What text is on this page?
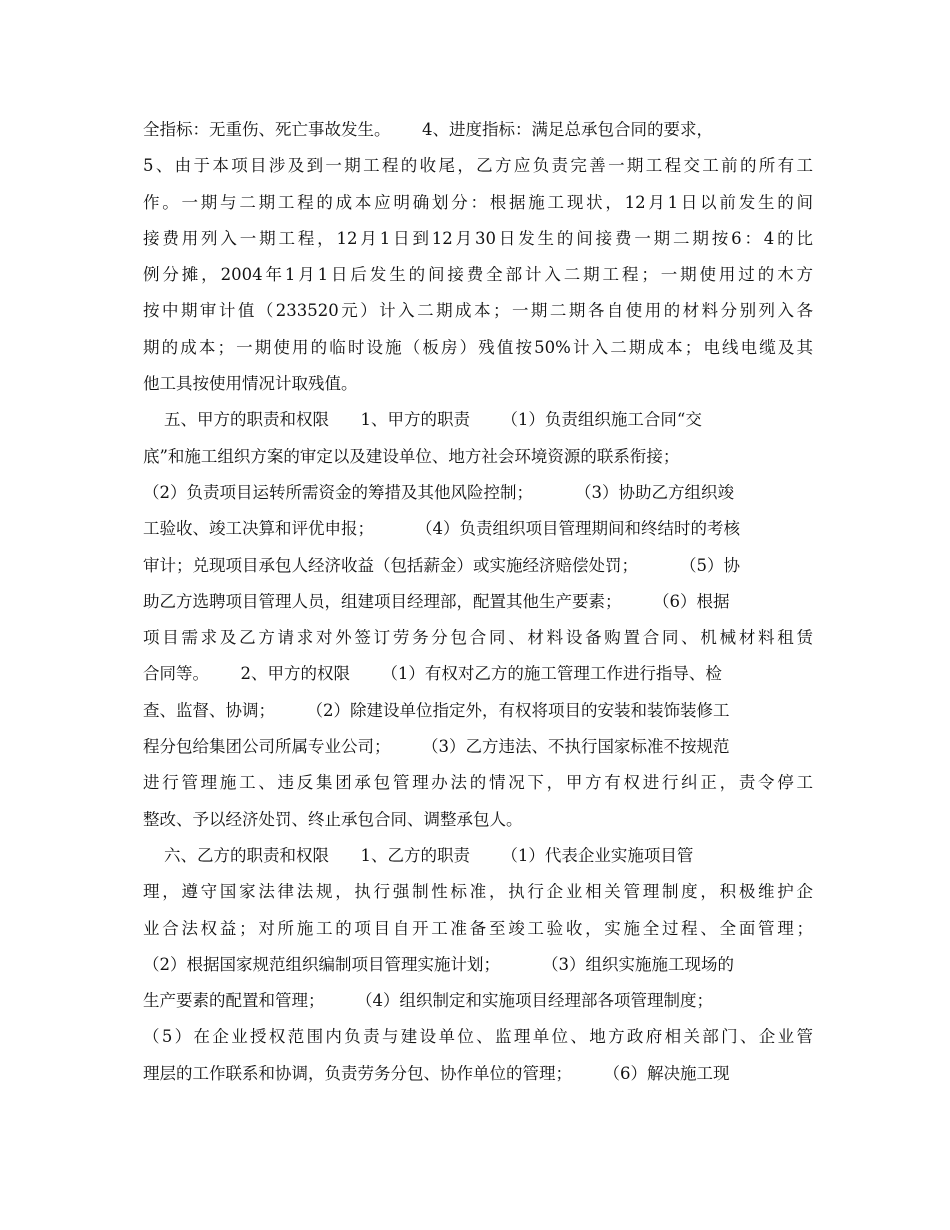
全指标：无重伤、死亡事故发生。      4、进度指标：满足总承包合同的要求，
5、由于本项目涉及到一期工程的收尾，乙方应负责完善一期工程交工前的所有工
作。一期与二期工程的成本应明确划分：根据施工现状，12月1日以前发生的间
接费用列入一期工程，12月1日到12月30日发生的间接费一期二期按6：4的比
例分摊，2004年1月1日后发生的间接费全部计入二期工程；一期使用过的木方
按中期审计值（233520元）计入二期成本；一期二期各自使用的材料分别列入各
期的成本；一期使用的临时设施（板房）残值按50%计入二期成本；电线电缆及其
他工具按使用情况计取残值。
五、甲方的职责和权限      1、甲方的职责      （1）负责组织施工合同“交
底”和施工组织方案的审定以及建设单位、地方社会环境资源的联系衔接；
（2）负责项目运转所需资金的筹措及其他风险控制；        （3）协助乙方组织竣
工验收、竣工决算和评优申报；        （4）负责组织项目管理期间和终结时的考核
审计；兑现项目承包人经济收益（包括薪金）或实施经济赔偿处罚；        （5）协
助乙方选聘项目管理人员，组建项目经理部，配置其他生产要素；      （6）根据
项目需求及乙方请求对外签订劳务分包合同、材料设备购置合同、机械材料租赁
合同等。      2、甲方的权限      （1）有权对乙方的施工管理工作进行指导、检
查、监督、协调；      （2）除建设单位指定外，有权将项目的安装和装饰装修工
程分包给集团公司所属专业公司；      （3）乙方违法、不执行国家标准不按规范
进行管理施工、违反集团承包管理办法的情况下，甲方有权进行纠正，责令停工
整改、予以经济处罚、终止承包合同、调整承包人。
六、乙方的职责和权限      1、乙方的职责      （1）代表企业实施项目管
理，遵守国家法律法规，执行强制性标准，执行企业相关管理制度，积极维护企
业合法权益；对所施工的项目自开工准备至竣工验收，实施全过程、全面管理；
（2）根据国家规范组织编制项目管理实施计划；        （3）组织实施施工现场的
生产要素的配置和管理；      （4）组织制定和实施项目经理部各项管理制度；
（5）在企业授权范围内负责与建设单位、监理单位、地方政府相关部门、企业管
理层的工作联系和协调，负责劳务分包、协作单位的管理；      （6）解决施工现
